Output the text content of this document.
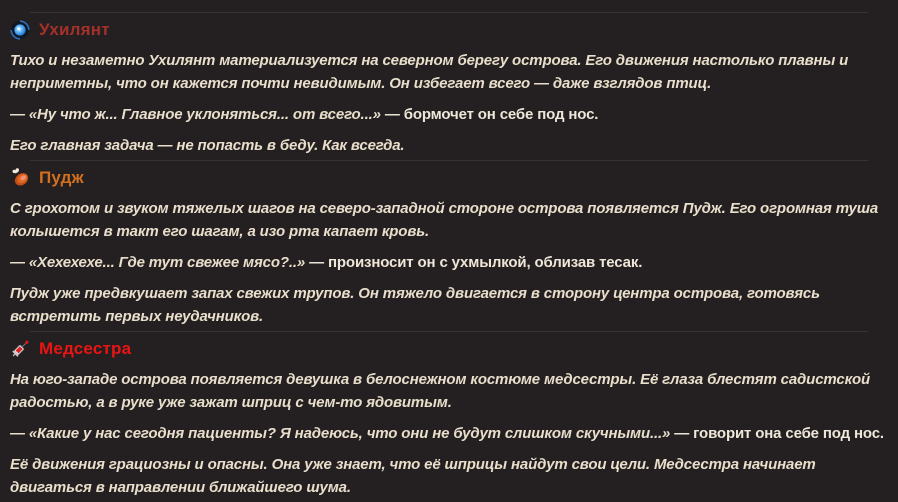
Ухилянт

Тихо и незаметно Ухилянт материализуется на северном берегу острова. Его движения настолько плавны и неприметны, что он кажется почти невидимым. Он избегает всего — даже взглядов птиц.

— «Ну что ж... Главное уклоняться... от всего...» — бормочет он себе под нос.

Его главная задача — не попасть в беду. Как всегда.

Пудж

С грохотом и звуком тяжелых шагов на северо-западной стороне острова появляется Пудж. Его огромная туша колышется в такт его шагам, а изо рта капает кровь.

— «Хехехехе... Где тут свежее мясо?..» — произносит он с ухмылкой, облизав тесак.

Пудж уже предвкушает запах свежих трупов. Он тяжело двигается в сторону центра острова, готовясь встретить первых неудачников.

Медсестра

На юго-западе острова появляется девушка в белоснежном костюме медсестры. Её глаза блестят садистской радостью, а в руке уже зажат шприц с чем-то ядовитым.

— «Какие у нас сегодня пациенты? Я надеюсь, что они не будут слишком скучными...» — говорит она себе под нос.

Её движения грациозны и опасны. Она уже знает, что её шприцы найдут свои цели. Медсестра начинает двигаться в направлении ближайшего шума.
